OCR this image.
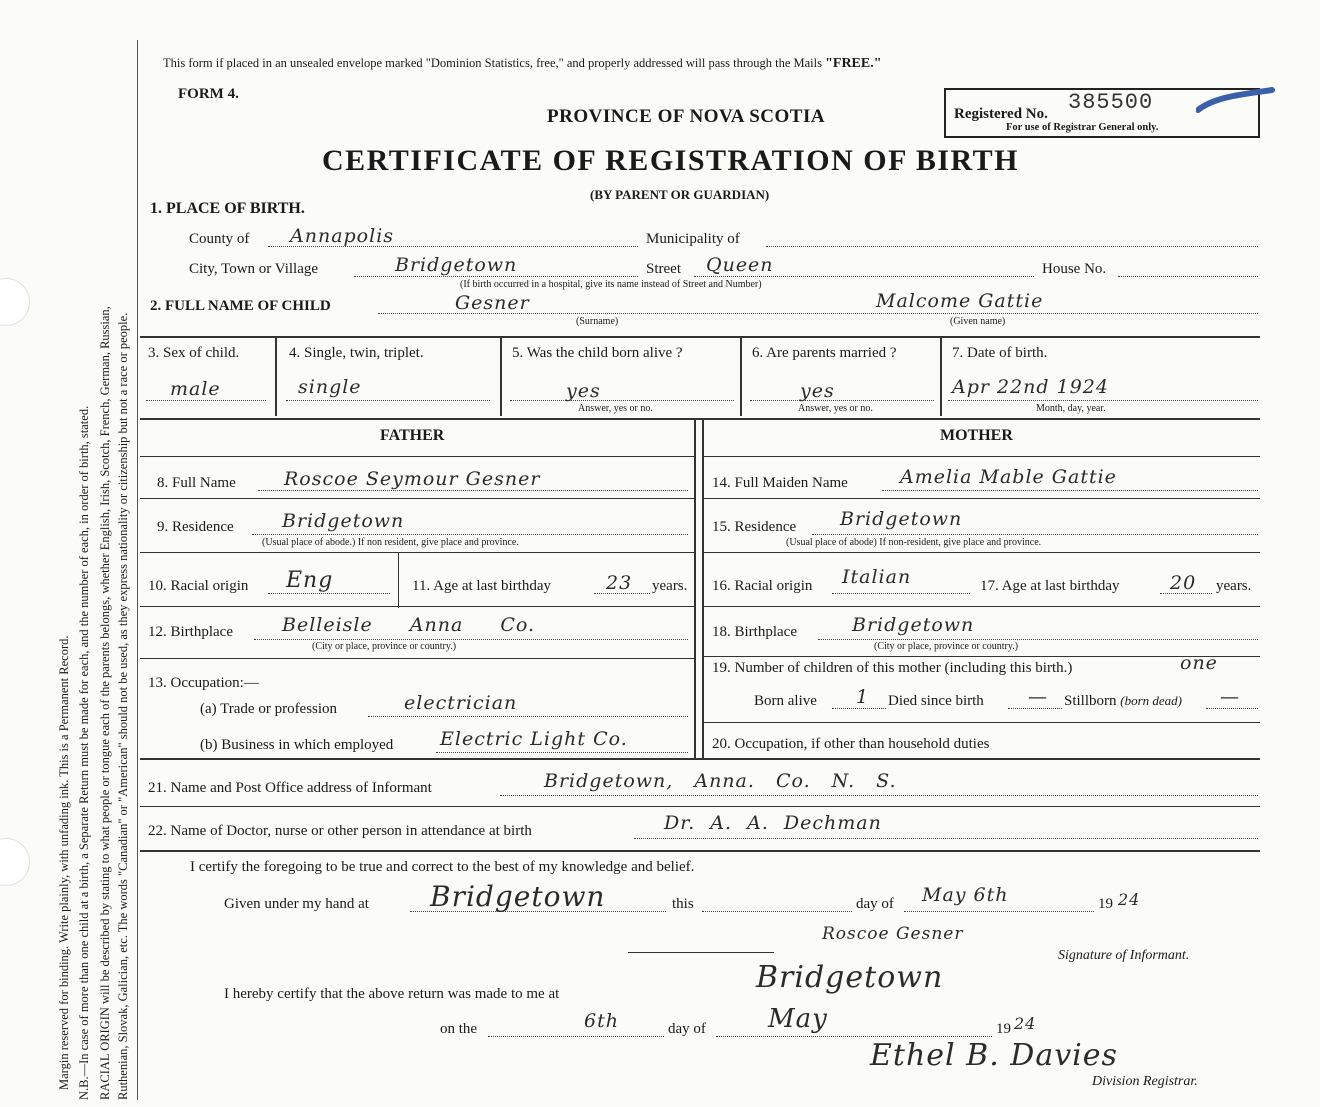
Margin reserved for binding. Write plainly, with unfading ink. This is a Permanent Record. N.B.—In case of more than one child at a birth, a Separate Return must be made for each, and the number of each, in order of birth, stated. RACIAL ORIGIN will be described by stating to what people or tongue each of the parents belongs, whether English, Irish, Scotch, French, German, Russian, Ruthenian, Slovak, Galician, etc. The words "Canadian" or "American" should not be used, as they express nationality or citizenship but not a race or people.
This form if placed in an unsealed envelope marked "Dominion Statistics, free," and properly addressed will pass through the Mails "FREE."
FORM 4.
PROVINCE OF NOVA SCOTIA	Registered No. 385500
For use of Registrar General only.
CERTIFICATE OF REGISTRATION OF BIRTH
(BY PARENT OR GUARDIAN)
1. PLACE OF BIRTH.
County of Annapolis	Municipality of
City, Town or Village	Bridgetown	Street Queen	House No.
(If birth occurred in a hospital, give its name instead of Street and Number)
2. FULL NAME OF CHILD	Gesner
(Surname)
Malcome Gattie
(Given name)
3. Sex of child.
male
4. Single, twin, triplet.
single
5. Was the child born alive ?
yes
Answer, yes or no.
6. Are parents married ?
yes
Answer, yes or no.
7. Date of birth.
Apr 22nd 1924
Month, day, year.
FATHER	MOTHER
8. Full Name	Roscoe Seymour Gesner
9. Residence	Bridgetown
(Usual place of abode.) If non resident, give place and province.
10. Racial origin Eng	11. Age at last birthday	23 years.
12. Birthplace	Belleisle Anna Co.
(City or place, province or country.)
13. Occupation:—
(a) Trade or profession	electrician
(b) Business in which employed Electric Light Co.
14. Full Maiden Name	Amelia Mable Gattie
15. Residence Bridgetown
(Usual place of abode) If non-resident, give place and province.
16. Racial origin Italian	17. Age at last birthday	20 years.
18. Birthplace	Bridgetown
(City or place, province or country.)
19. Number of children of this mother (including this birth.)	one
Born alive 1 Died since birth — Stillborn (born dead) —
20. Occupation, if other than household duties
21. Name and Post Office address of Informant	Bridgetown, Anna. Co. N. S.
22. Name of Doctor, nurse or other person in attendance at birth	Dr. A. A. Dechman
I certify the foregoing to be true and correct to the best of my knowledge and belief.
Given under my hand at Bridgetown	this	day of May 6th	19 24
Roscoe Gesner
Signature of Informant.
I hereby certify that the above return was made to me at	Bridgetown
on the	6th	day of May	19 24
Ethel B. Davies
Division Registrar.
